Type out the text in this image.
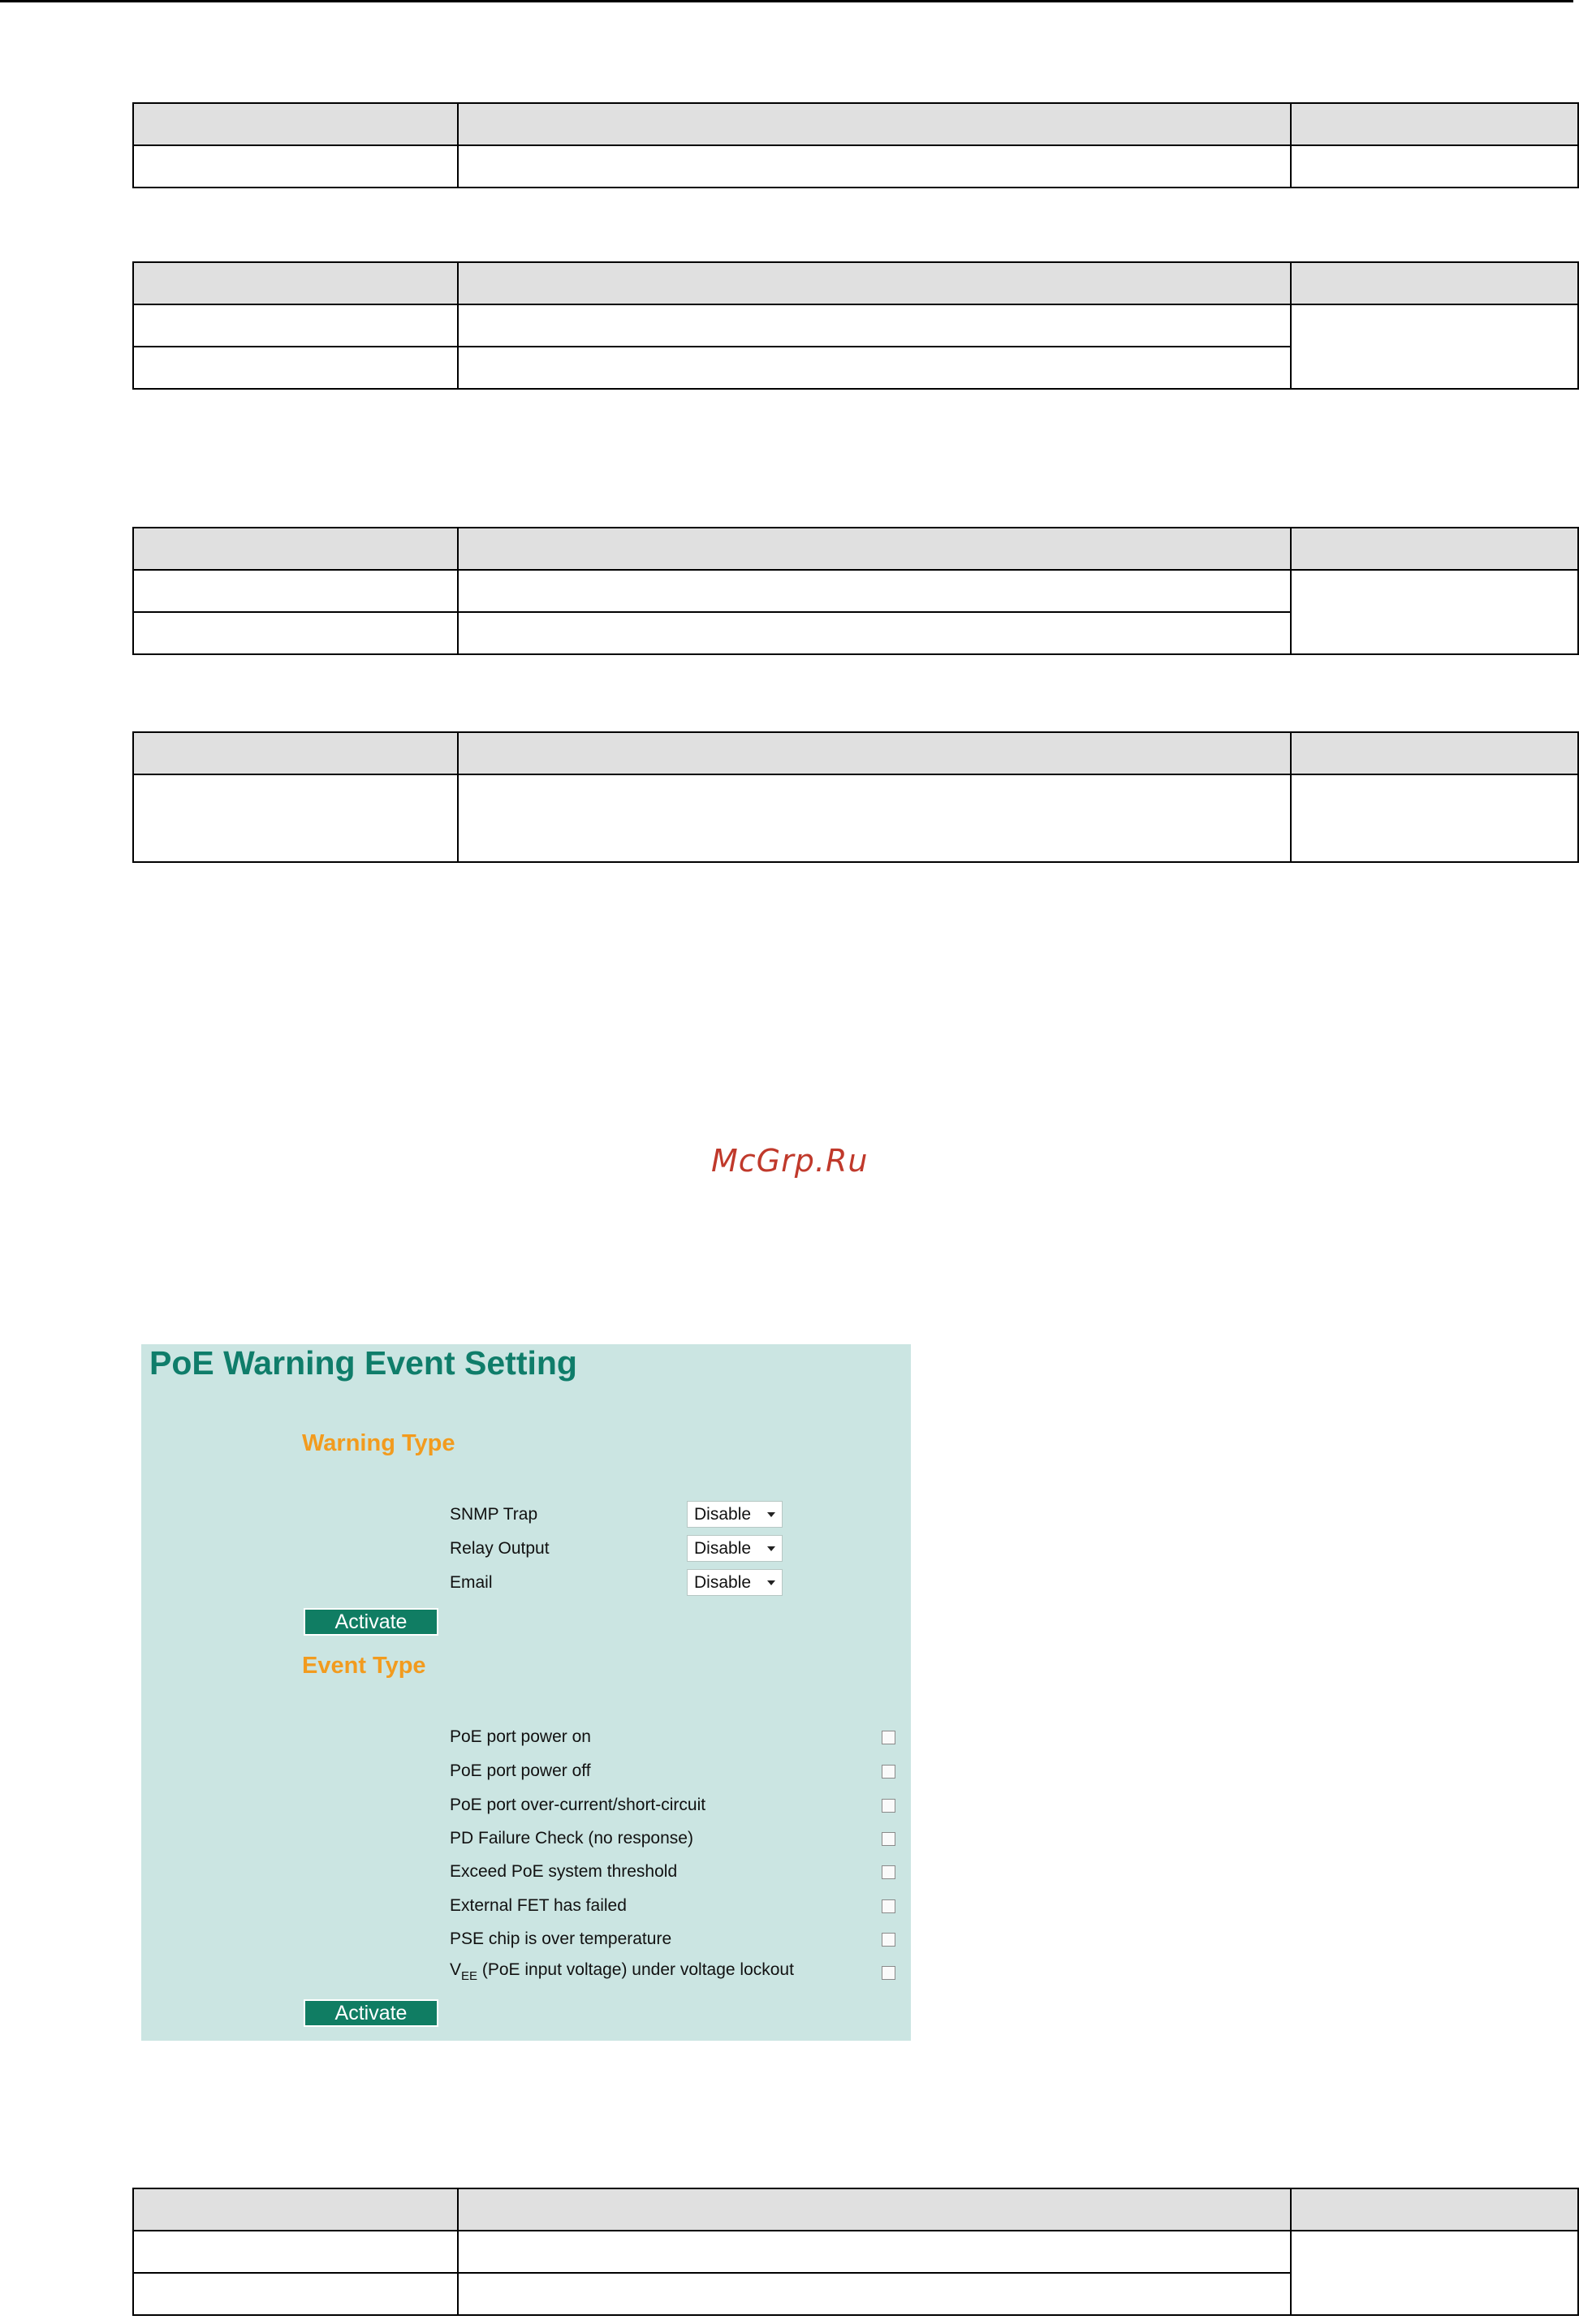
McGrp.Ru
PoE Warning Event Setting
Warning Type
SNMP Trap	Disable
Relay Output	Disable
Email	Disable
Activate
Event Type
PoE port power on
PoE port power off
PoE port over-current/short-circuit
PD Failure Check (no response)
Exceed PoE system threshold
External FET has failed
PSE chip is over temperature
$V_{EE}$ (PoE input voltage) under voltage lockout
Activate
